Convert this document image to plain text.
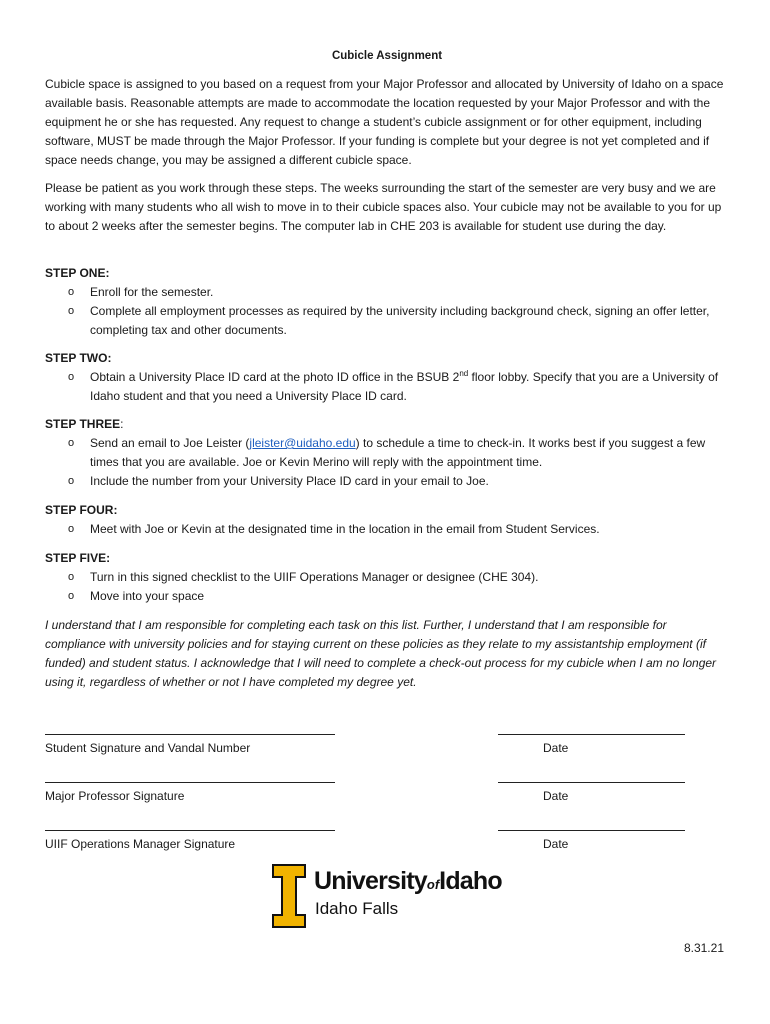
Cubicle Assignment

Cubicle space is assigned to you based on a request from your Major Professor and allocated by University of Idaho on a space available basis. Reasonable attempts are made to accommodate the location requested by your Major Professor and with the equipment he or she has requested. Any request to change a student’s cubicle assignment or for other equipment, including software, MUST be made through the Major Professor. If your funding is complete but your degree is not yet completed and if space needs change, you may be assigned a different cubicle space.

Please be patient as you work through these steps. The weeks surrounding the start of the semester are very busy and we are working with many students who all wish to move in to their cubicle spaces also. Your cubicle may not be available to you for up to about 2 weeks after the semester begins. The computer lab in CHE 203 is available for student use during the day.

STEP ONE:

o Enroll for the semester.

o Complete all employment processes as required by the university including background check, signing an offer letter, completing tax and other documents.

STEP TWO:

o Obtain a University Place ID card at the photo ID office in the BSUB 2nd floor lobby. Specify that you are a University of Idaho student and that you need a University Place ID card.

STEP THREE:

o Send an email to Joe Leister (jleister@uidaho.edu) to schedule a time to check-in. It works best if you suggest a few times that you are available. Joe or Kevin Merino will reply with the appointment time.

o Include the number from your University Place ID card in your email to Joe.

STEP FOUR:

o Meet with Joe or Kevin at the designated time in the location in the email from Student Services.

STEP FIVE:

o Turn in this signed checklist to the UIIF Operations Manager or designee (CHE 304).

o Move into your space

I understand that I am responsible for completing each task on this list. Further, I understand that I am responsible for compliance with university policies and for staying current on these policies as they relate to my assistantship employment (if funded) and student status. I acknowledge that I will need to complete a check-out process for my cubicle when I am no longer using it, regardless of whether or not I have completed my degree yet.

Student Signature and Vandal Number	Date
Major Professor Signature	Date
UIIF Operations Manager Signature	Date
UniversityofIdaho
Idaho Falls
8.31.21
